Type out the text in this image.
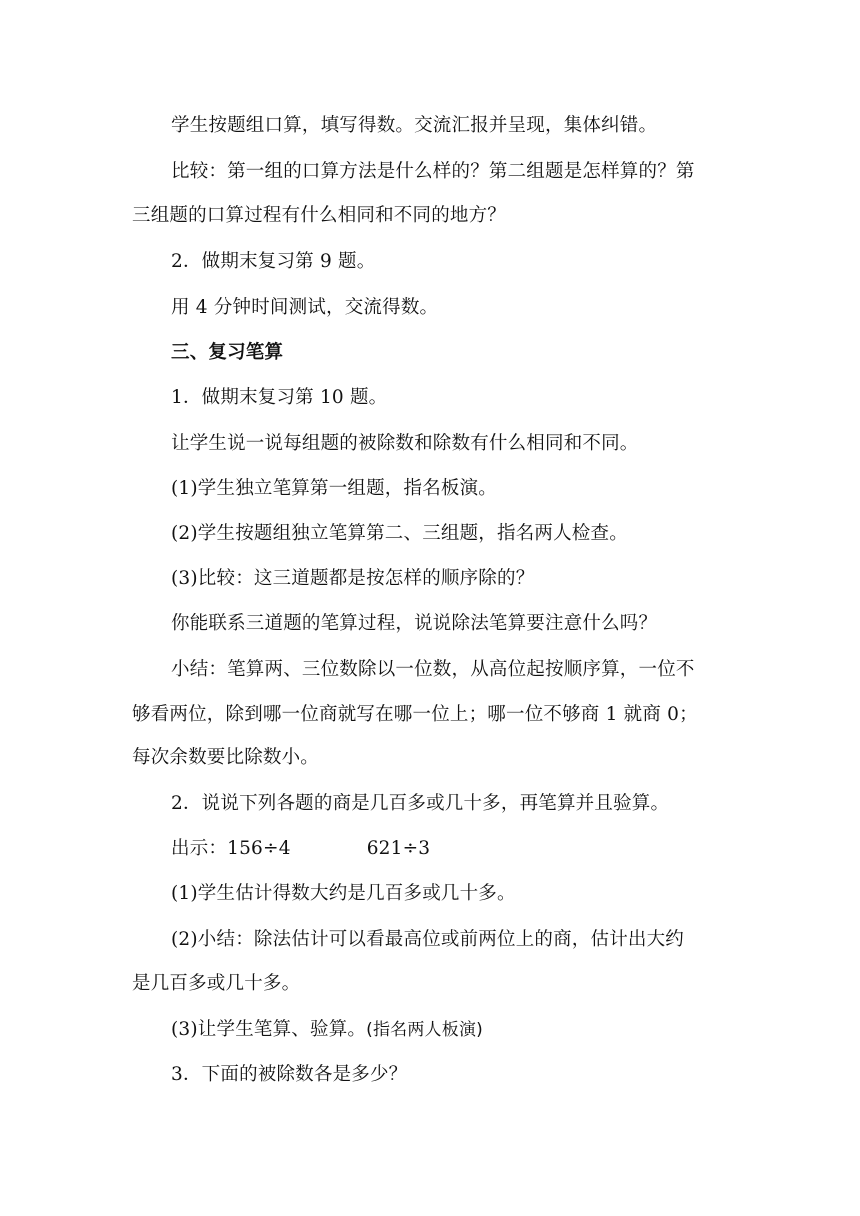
学生按题组口算，填写得数。交流汇报并呈现，集体纠错。
比较：第一组的口算方法是什么样的？第二组题是怎样算的？第
三组题的口算过程有什么相同和不同的地方？
2．做期末复习第 9 题。
用 4 分钟时间测试，交流得数。
三、复习笔算
1．做期末复习第 10 题。
让学生说一说每组题的被除数和除数有什么相同和不同。
(1)学生独立笔算第一组题，指名板演。
(2)学生按题组独立笔算第二、三组题，指名两人检查。
(3)比较：这三道题都是按怎样的顺序除的？
你能联系三道题的笔算过程，说说除法笔算要注意什么吗？
小结：笔算两、三位数除以一位数，从高位起按顺序算，一位不
够看两位，除到哪一位商就写在哪一位上；哪一位不够商 1 就商 0；
每次余数要比除数小。
2．说说下列各题的商是几百多或几十多，再笔算并且验算。
出示：156÷4	621÷3
(1)学生估计得数大约是几百多或几十多。
(2)小结：除法估计可以看最高位或前两位上的商，估计出大约
是几百多或几十多。
(3)让学生笔算、验算。(指名两人板演)
3．下面的被除数各是多少？
